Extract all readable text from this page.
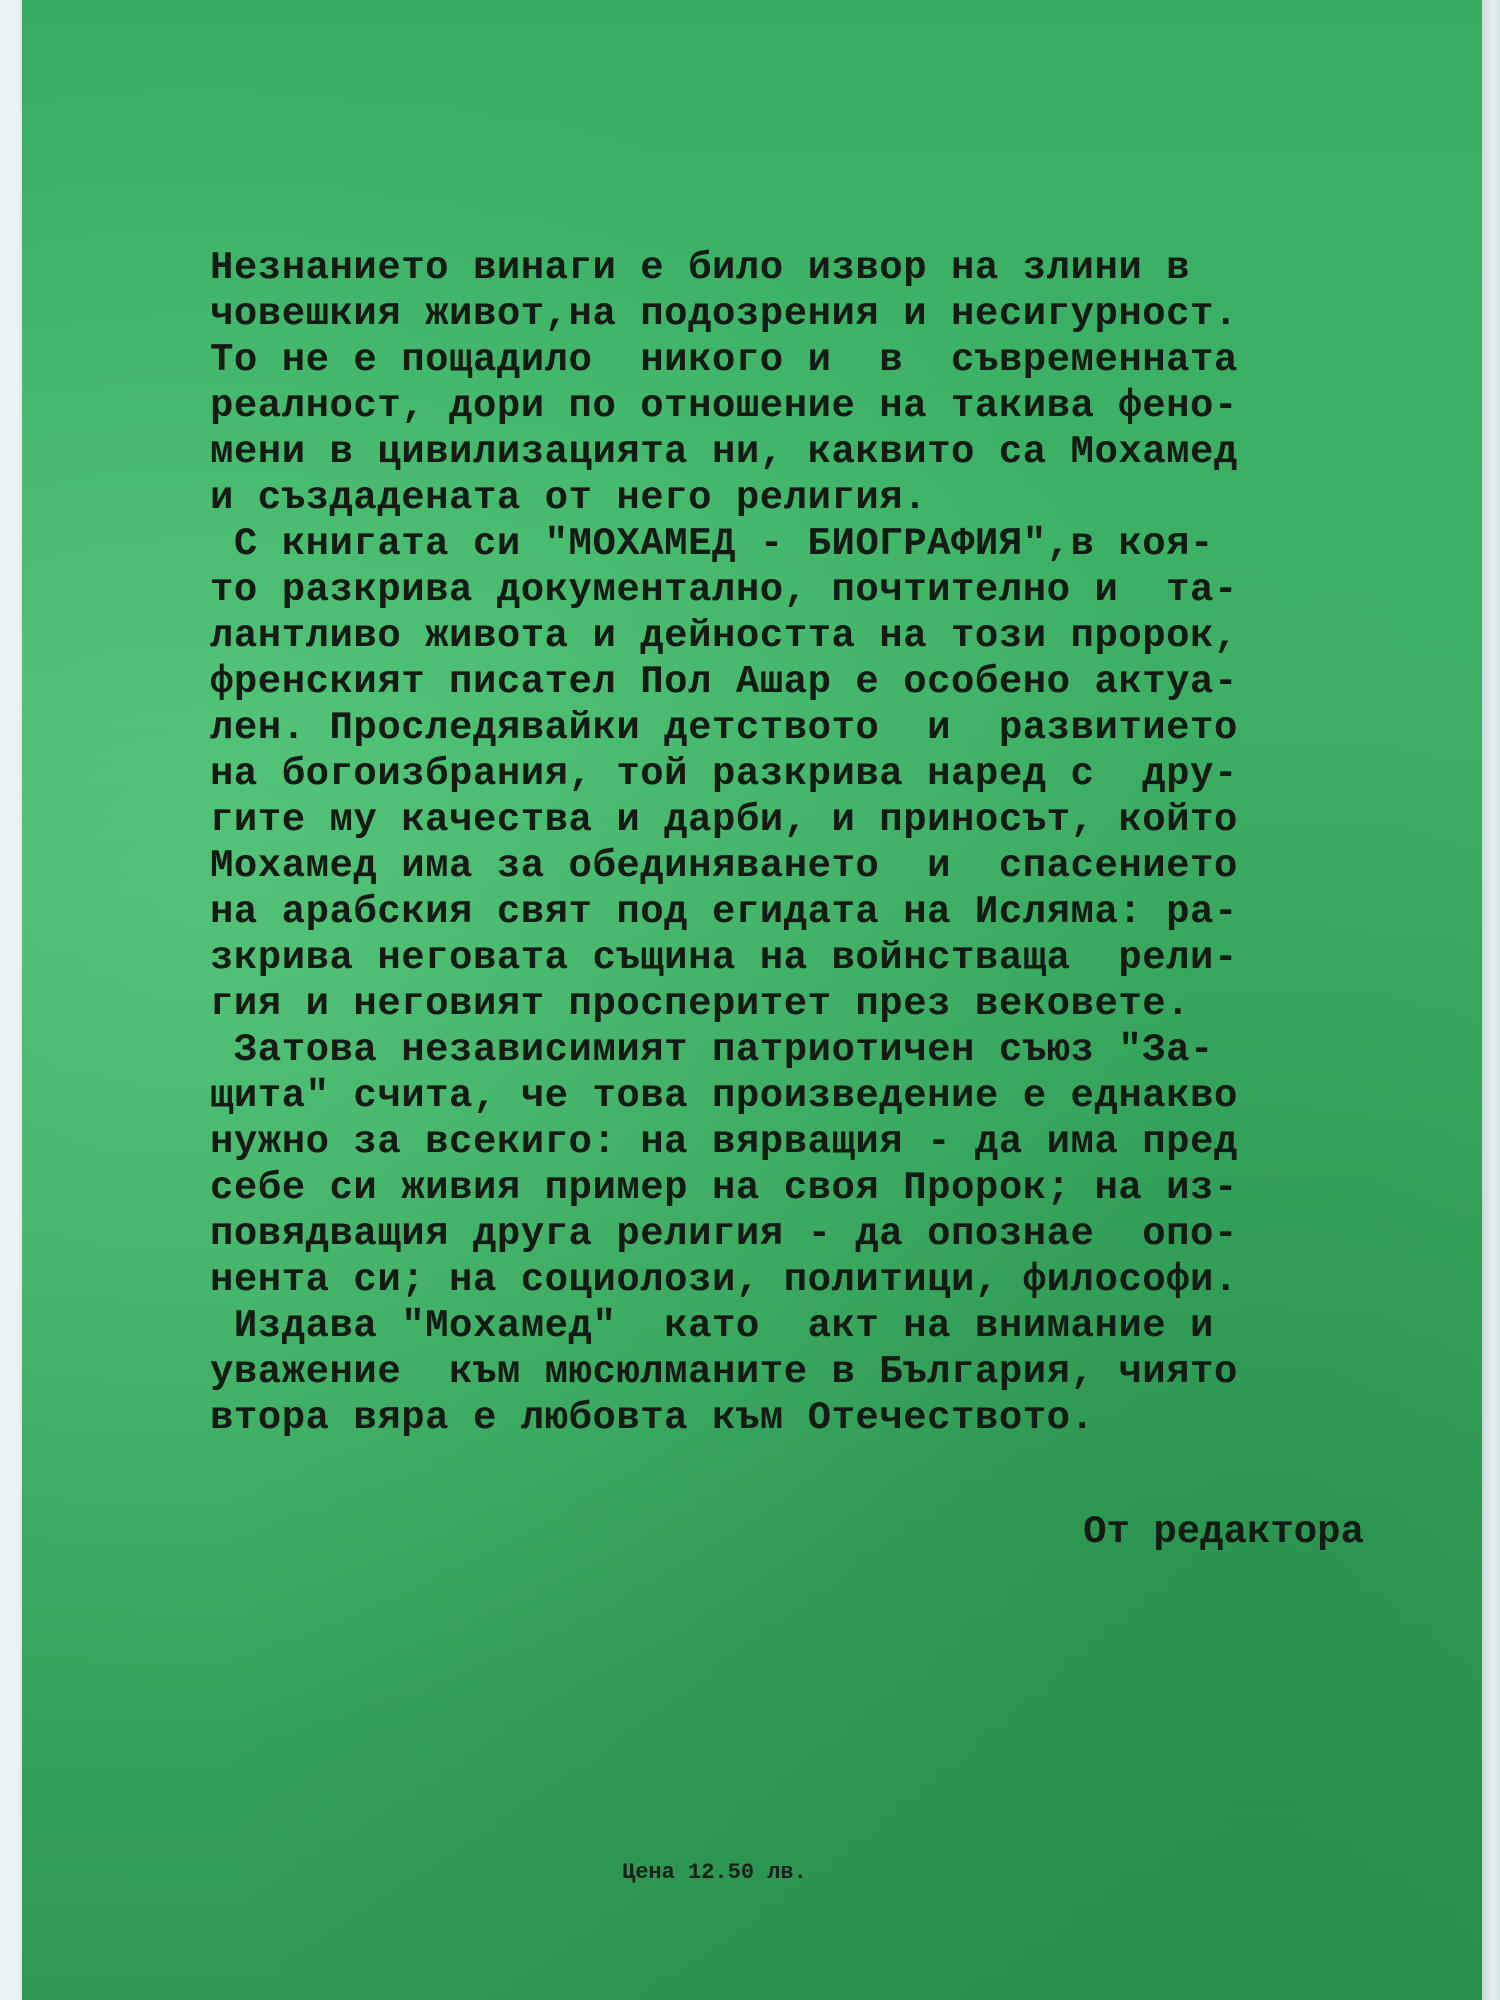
Незнанието винаги е било извор на злини в
човешкия живот,на подозрения и несигурност.
То не е пощадило  никого и  в  съвременната
реалност, дори по отношение на такива фено-
мени в цивилизацията ни, каквито са Мохамед
и създадената от него религия.
С книгата си "МОХАМЕД - БИОГРАФИЯ",в коя-
то разкрива документално, почтително и  та-
лантливо живота и дейността на този пророк,
френският писател Пол Ашар е особено актуа-
лен. Проследявайки детството  и  развитието
на богоизбрания, той разкрива наред с  дру-
гите му качества и дарби, и приносът, който
Мохамед има за обединяването  и  спасението
на арабския свят под егидата на Исляма: ра-
зкрива неговата същина на войнстваща  рели-
гия и неговият просперитет през вековете.
Затова независимият патриотичен съюз "За-
щита" счита, че това произведение е еднакво
нужно за всекиго: на вярващия - да има пред
себе си живия пример на своя Пророк; на из-
повядващия друга религия - да опознае  опо-
нента си; на социолози, политици, философи.
Издава "Мохамед"  като  акт на внимание и
уважение  към мюсюлманите в България, чиято
втора вяра е любовта към Отечеството.
От редактора
Цена 12.50 лв.
